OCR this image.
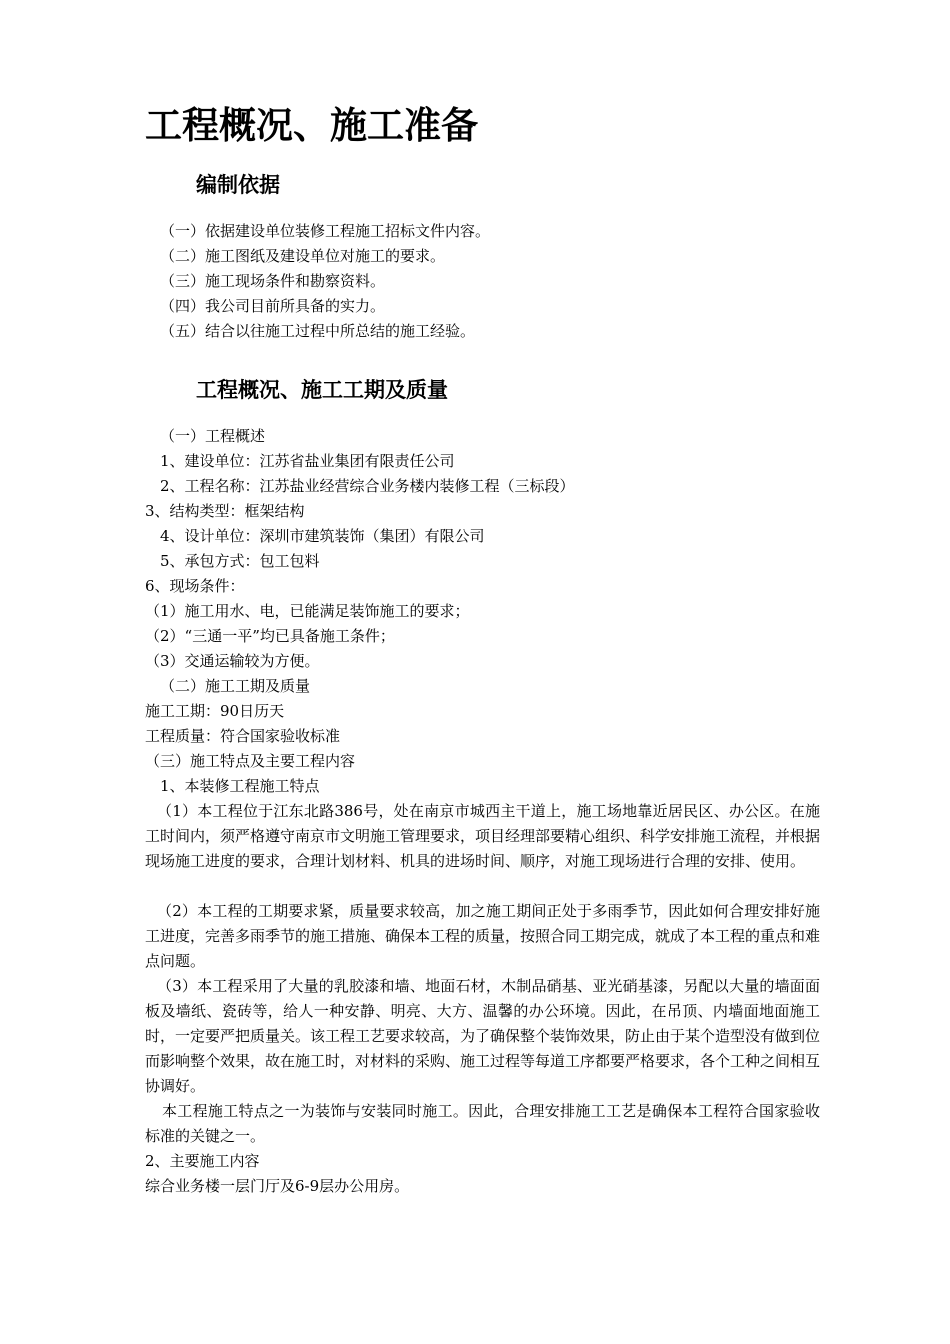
工程概况、施工准备
编制依据

（一）依据建设单位装修工程施工招标文件内容。

（二）施工图纸及建设单位对施工的要求。

（三）施工现场条件和勘察资料。

（四）我公司目前所具备的实力。

（五）结合以往施工过程中所总结的施工经验。

工程概况、施工工期及质量

（一）工程概述

1、建设单位：江苏省盐业集团有限责任公司

2、工程名称：江苏盐业经营综合业务楼内装修工程（三标段）

3、结构类型：框架结构

4、设计单位：深圳市建筑装饰（集团）有限公司

5、承包方式：包工包料

6、现场条件：

（1）施工用水、电，已能满足装饰施工的要求；

（2）“三通一平”均已具备施工条件；

（3）交通运输较为方便。

（二）施工工期及质量

施工工期：90日历天

工程质量：符合国家验收标准

（三）施工特点及主要工程内容

1、本装修工程施工特点

（1）本工程位于江东北路386号，处在南京市城西主干道上，施工场地靠近居民区、办公区。在施工时间内，须严格遵守南京市文明施工管理要求，项目经理部要精心组织、科学安排施工流程，并根据现场施工进度的要求，合理计划材料、机具的进场时间、顺序，对施工现场进行合理的安排、使用。

（2）本工程的工期要求紧，质量要求较高，加之施工期间正处于多雨季节，因此如何合理安排好施工进度，完善多雨季节的施工措施、确保本工程的质量，按照合同工期完成，就成了本工程的重点和难点问题。

（3）本工程采用了大量的乳胶漆和墙、地面石材，木制品硝基、亚光硝基漆，另配以大量的墙面面板及墙纸、瓷砖等，给人一种安静、明亮、大方、温馨的办公环境。因此，在吊顶、内墙面地面施工时，一定要严把质量关。该工程工艺要求较高，为了确保整个装饰效果，防止由于某个造型没有做到位而影响整个效果，故在施工时，对材料的采购、施工过程等每道工序都要严格要求，各个工种之间相互协调好。

本工程施工特点之一为装饰与安装同时施工。因此，合理安排施工工艺是确保本工程符合国家验收标准的关键之一。

2、主要施工内容

综合业务楼一层门厅及6-9层办公用房。
